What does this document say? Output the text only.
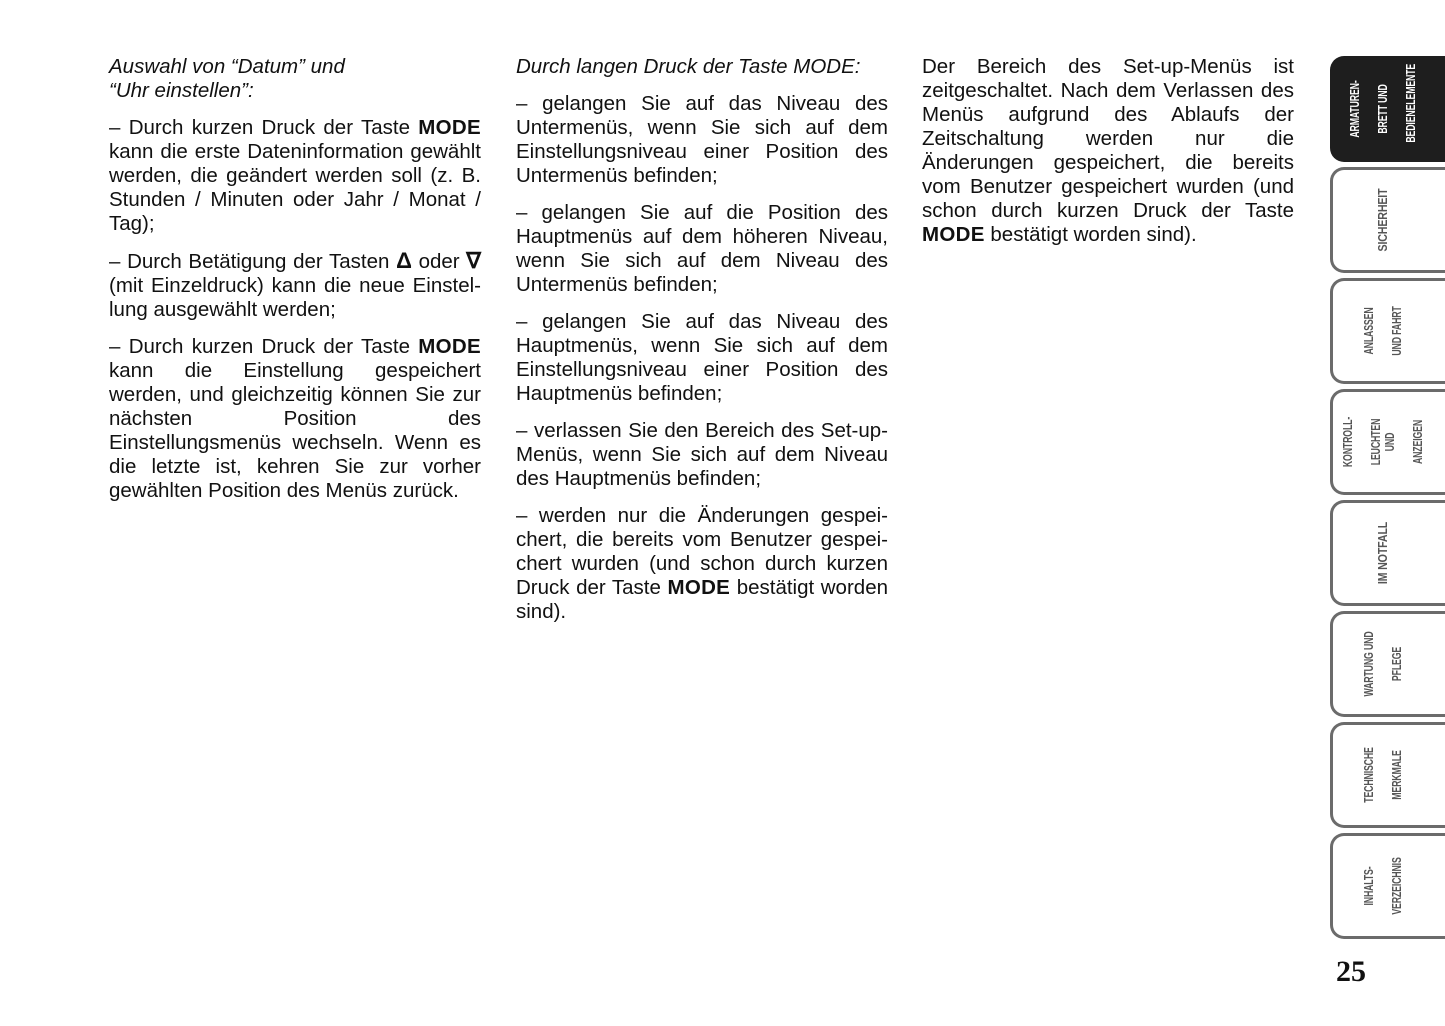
Auswahl von “Datum” und
“Uhr einstellen”:

– Durch kurzen Druck der Taste MODE kann die erste Dateninformation gewählt werden, die geändert werden soll (z. B. Stunden / Minuten oder Jahr / Monat / Tag);

– Durch Betätigung der Tasten Δ oder ∇ (mit Einzeldruck) kann die neue Einstellung ausgewählt werden;

– Durch kurzen Druck der Taste MODE kann die Einstellung gespeichert werden, und gleichzeitig können Sie zur nächsten Position des Einstellungsmenüs wechseln. Wenn es die letzte ist, kehren Sie zur vorher gewählten Position des Menüs zurück.

Durch langen Druck der Taste MODE:

– gelangen Sie auf das Niveau des Untermenüs, wenn Sie sich auf dem Einstellungsniveau einer Position des Untermenüs befinden;

– gelangen Sie auf die Position des Hauptmenüs auf dem höheren Niveau, wenn Sie sich auf dem Niveau des Untermenüs befinden;

– gelangen Sie auf das Niveau des Hauptmenüs, wenn Sie sich auf dem Einstellungsniveau einer Position des Hauptmenüs befinden;

– verlassen Sie den Bereich des Set-up-Menüs, wenn Sie sich auf dem Niveau des Hauptmenüs befinden;

– werden nur die Änderungen gespeichert, die bereits vom Benutzer gespeichert wurden (und schon durch kurzen Druck der Taste MODE bestätigt worden sind).

Der Bereich des Set-up-Menüs ist zeitgeschaltet. Nach dem Verlassen des Menüs aufgrund des Ablaufs der Zeitschaltung werden nur die Änderungen gespeichert, die bereits vom Benutzer gespeichert wurden (und schon durch kurzen Druck der Taste MODE bestätigt worden sind).

ARMATUREN- BRETT UND BEDIENELEMENTE
SICHERHEIT
ANLASSEN UND FAHRT
KONTROLL- LEUCHTEN UND ANZEIGEN
IM NOTFALL
WARTUNG UND PFLEGE
TECHNISCHE MERKMALE
INHALTS- VERZEICHNIS
25
